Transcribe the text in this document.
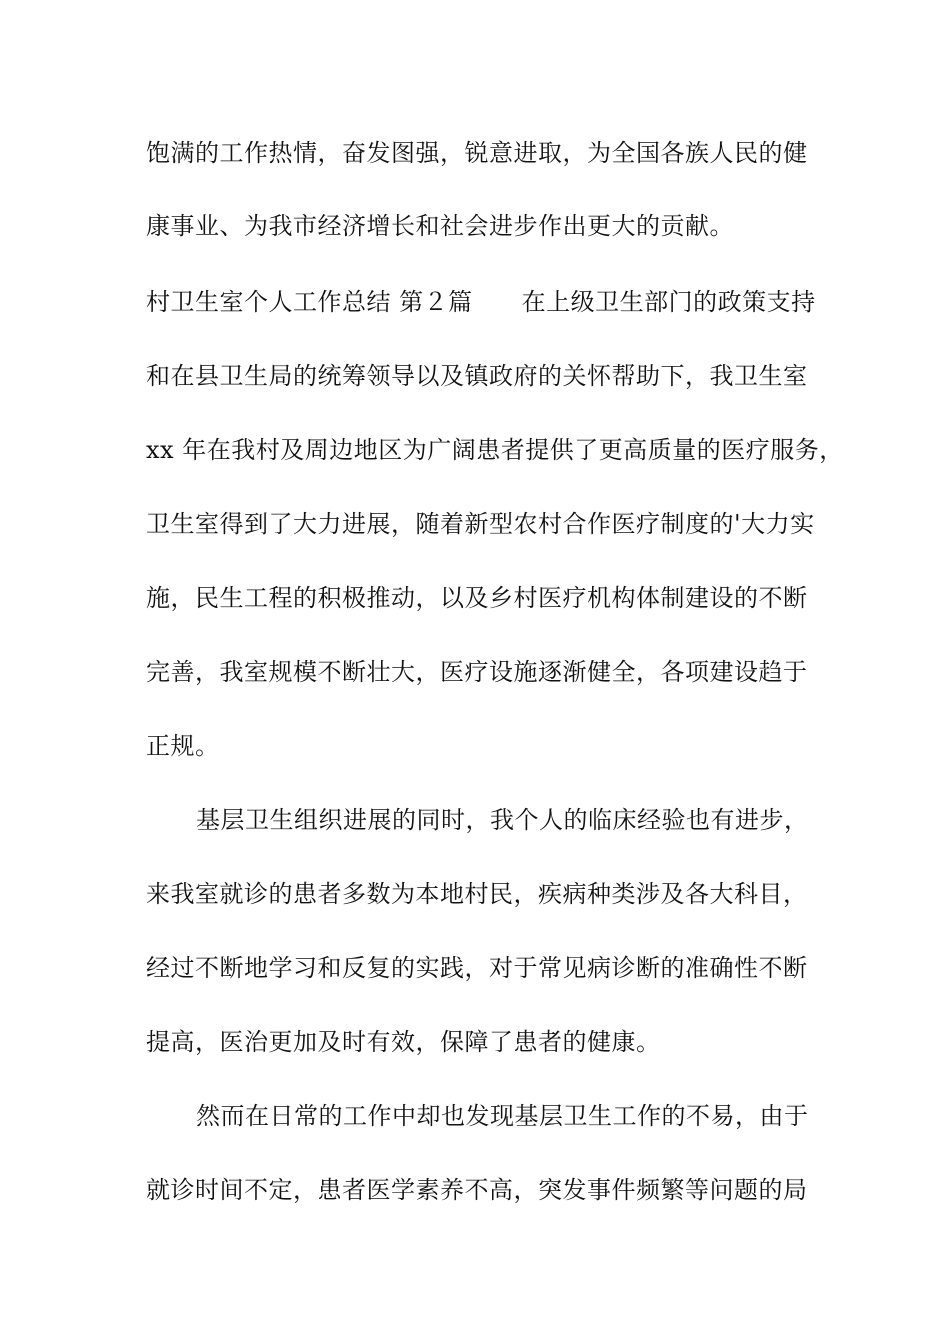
饱满的工作热情，奋发图强，锐意进取，为全国各族人民的健

康事业、为我市经济增长和社会进步作出更大的贡献。

村卫生室个人工作总结 第２篇　　在上级卫生部门的政策支持

和在县卫生局的统筹领导以及镇政府的关怀帮助下，我卫生室

xx 年在我村及周边地区为广阔患者提供了更高质量的医疗服务，

卫生室得到了大力进展，随着新型农村合作医疗制度的'大力实

施，民生工程的积极推动，以及乡村医疗机构体制建设的不断

完善，我室规模不断壮大，医疗设施逐渐健全，各项建设趋于

正规。

基层卫生组织进展的同时，我个人的临床经验也有进步，

来我室就诊的患者多数为本地村民，疾病种类涉及各大科目，

经过不断地学习和反复的实践，对于常见病诊断的准确性不断

提高，医治更加及时有效，保障了患者的健康。

然而在日常的工作中却也发现基层卫生工作的不易，由于

就诊时间不定，患者医学素养不高，突发事件频繁等问题的局
